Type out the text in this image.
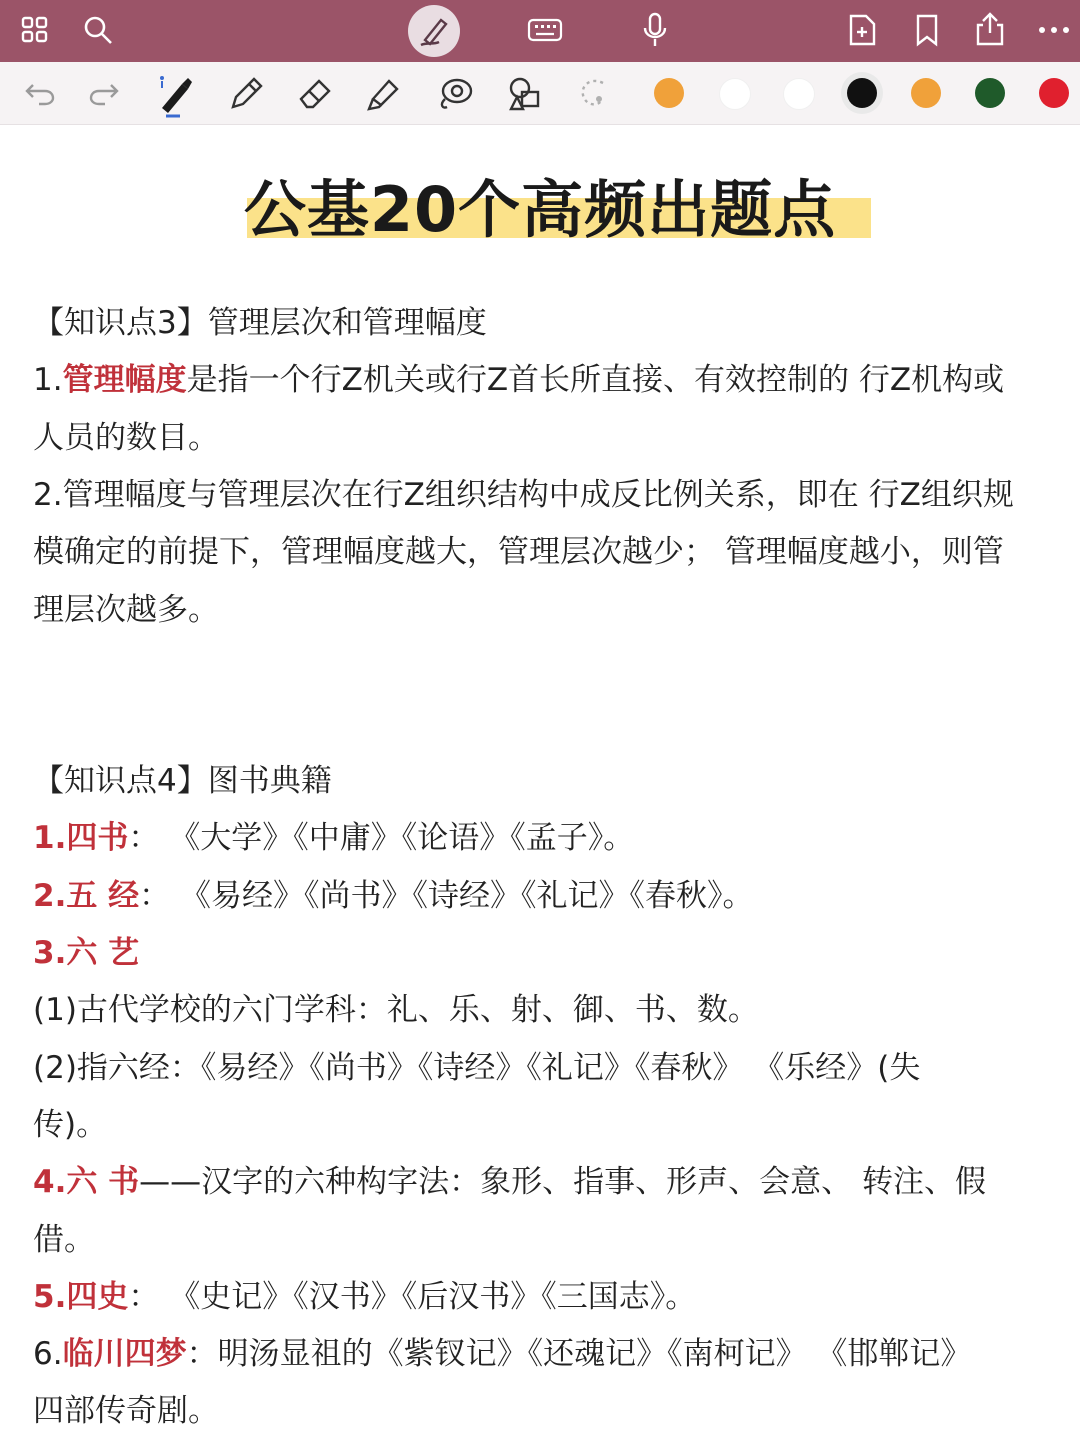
公基20个高频出题点
【知识点3】管理层次和管理幅度
1.管理幅度是指一个行Z机关或行Z首长所直接、有效控制的 行Z机构或
人员的数目。
2.管理幅度与管理层次在行Z组织结构中成反比例关系，即在 行Z组织规
模确定的前提下，管理幅度越大，管理层次越少； 管理幅度越小，则管
理层次越多。
【知识点4】图书典籍
1.四书： 《大学》《中庸》《论语》《孟子》。
2.五 经： 《易经》《尚书》《诗经》《礼记》《春秋》。
3.六 艺
(1)古代学校的六门学科：礼、乐、射、御、书、数。
(2)指六经：《易经》《尚书》《诗经》《礼记》《春秋》 《乐经》(失
传)。
4.六 书——汉字的六种构字法：象形、指事、形声、会意、 转注、假
借。
5.四史： 《史记》《汉书》《后汉书》《三国志》。
6.临川四梦：明汤显祖的《紫钗记》《还魂记》《南柯记》 《邯郸记》
四部传奇剧。
